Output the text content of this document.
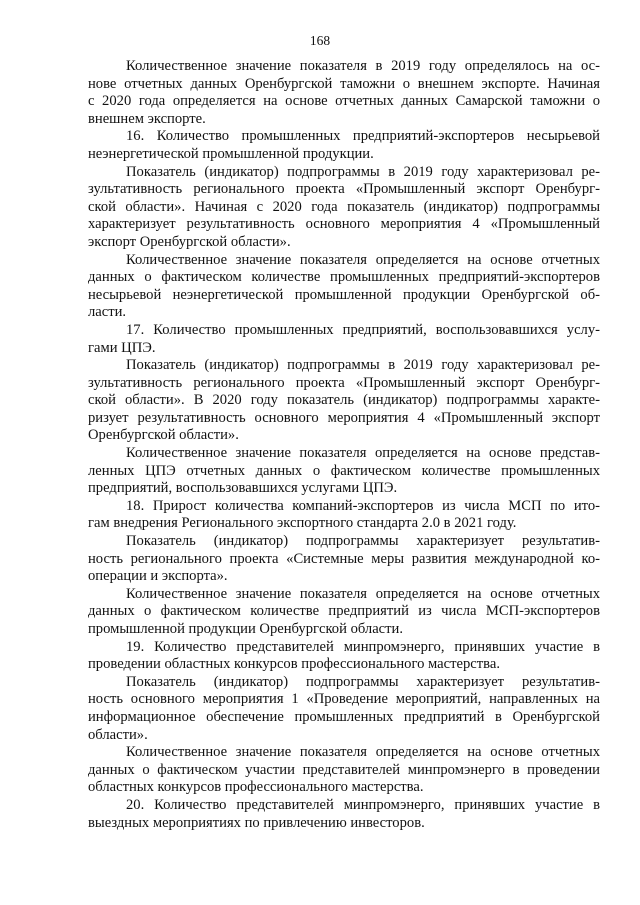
168
Количественное значение показателя в 2019 году определялось на ос-
нове отчетных данных Оренбургской таможни о внешнем экспорте. Начиная
с 2020 года определяется на основе отчетных данных Самарской таможни о
внешнем экспорте.
16. Количество промышленных предприятий-экспортеров несырьевой
неэнергетической промышленной продукции.
Показатель (индикатор) подпрограммы в 2019 году характеризовал ре-
зультативность регионального проекта «Промышленный экспорт Оренбург-
ской области». Начиная с 2020 года показатель (индикатор) подпрограммы
характеризует результативность основного мероприятия 4 «Промышленный
экспорт Оренбургской области».
Количественное значение показателя определяется на основе отчетных
данных о фактическом количестве промышленных предприятий-экспортеров
несырьевой неэнергетической промышленной продукции Оренбургской об-
ласти.
17. Количество промышленных предприятий, воспользовавшихся услу-
гами ЦПЭ.
Показатель (индикатор) подпрограммы в 2019 году характеризовал ре-
зультативность регионального проекта «Промышленный экспорт Оренбург-
ской области». В 2020 году показатель (индикатор) подпрограммы характе-
ризует результативность основного мероприятия 4 «Промышленный экспорт
Оренбургской области».
Количественное значение показателя определяется на основе представ-
ленных ЦПЭ отчетных данных о фактическом количестве промышленных
предприятий, воспользовавшихся услугами ЦПЭ.
18. Прирост количества компаний-экспортеров из числа МСП по ито-
гам внедрения Регионального экспортного стандарта 2.0 в 2021 году.
Показатель (индикатор) подпрограммы характеризует результатив-
ность регионального проекта «Системные меры развития международной ко-
операции и экспорта».
Количественное значение показателя определяется на основе отчетных
данных о фактическом количестве предприятий из числа МСП-экспортеров
промышленной продукции Оренбургской области.
19. Количество представителей минпромэнерго, принявших участие в
проведении областных конкурсов профессионального мастерства.
Показатель (индикатор) подпрограммы характеризует результатив-
ность основного мероприятия 1 «Проведение мероприятий, направленных на
информационное обеспечение промышленных предприятий в Оренбургской
области».
Количественное значение показателя определяется на основе отчетных
данных о фактическом участии представителей минпромэнерго в проведении
областных конкурсов профессионального мастерства.
20. Количество представителей минпромэнерго, принявших участие в
выездных мероприятиях по привлечению инвесторов.
